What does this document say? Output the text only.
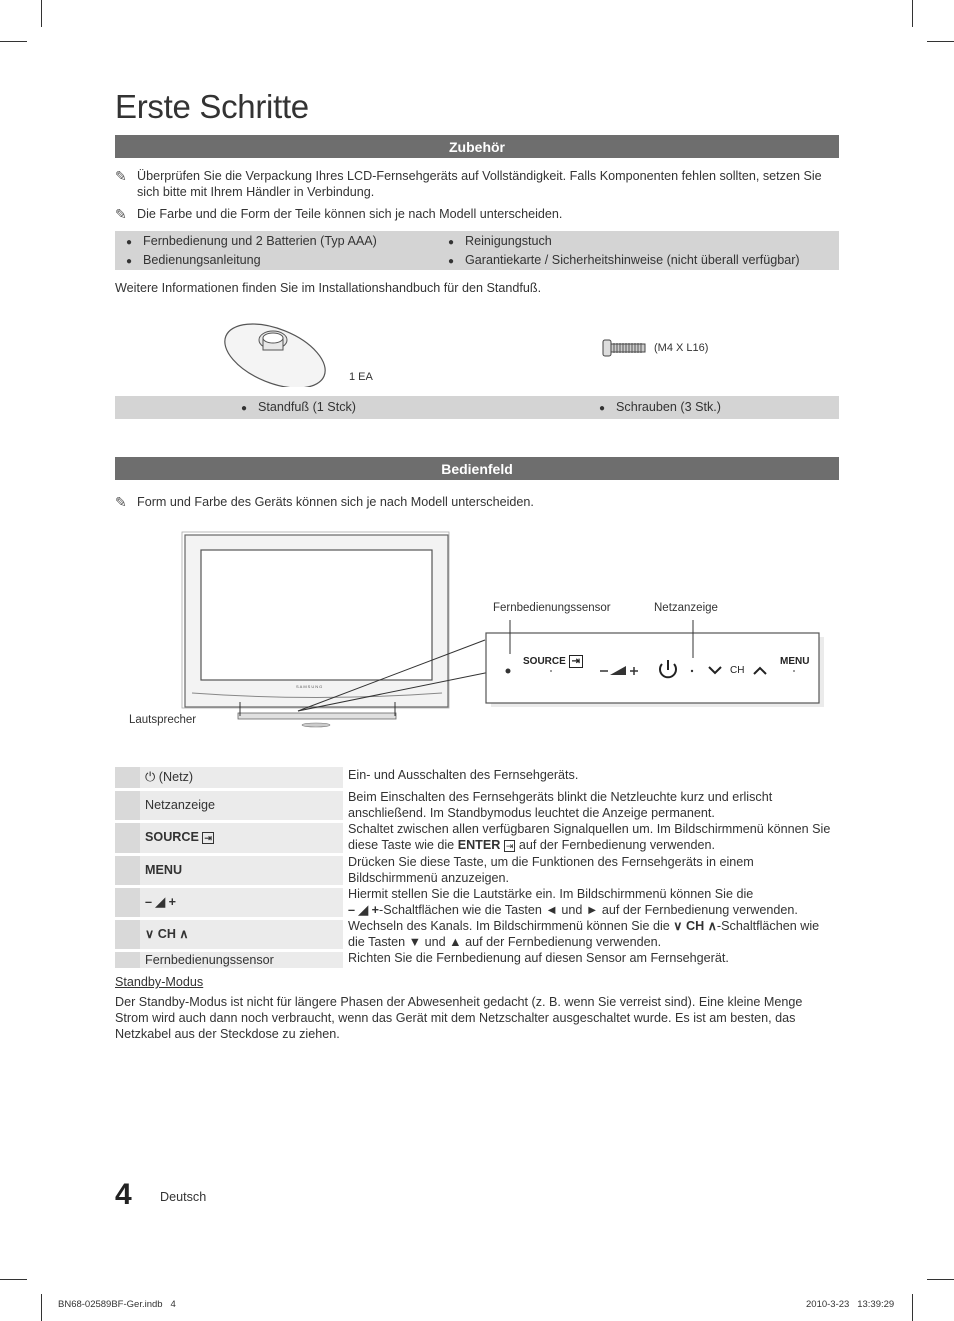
Erste Schritte
Zubehör
✎ Überprüfen Sie die Verpackung Ihres LCD-Fernsehgeräts auf Vollständigkeit. Falls Komponenten fehlen sollten, setzen Sie sich bitte mit Ihrem Händler in Verbindung.
✎ Die Farbe und die Form der Teile können sich je nach Modell unterscheiden.
● Fernbedienung und 2 Batterien (Typ AAA)	● Reinigungstuch
● Bedienungsanleitung	● Garantiekarte / Sicherheitshinweise (nicht überall verfügbar)
Weitere Informationen finden Sie im Installationshandbuch für den Standfuß.
1 EA
(M4 X L16)
● Standfuß (1 Stck)	● Schrauben (3 Stk.)
Bedienfeld
✎ Form und Farbe des Geräts können sich je nach Modell unterscheiden.
SAMSUNG
SOURCE ⇥
CH
MENU
Fernbedienungssensor	Netzanzeige
Lautsprecher
	⏻ (Netz)	Ein- und Ausschalten des Fernsehgeräts.
	Netzanzeige	Beim Einschalten des Fernsehgeräts blinkt die Netzleuchte kurz und erlischt anschließend. Im Standbymodus leuchtet die Anzeige permanent.
	SOURCE ⇥	Schaltet zwischen allen verfügbaren Signalquellen um. Im Bildschirmmenü können Sie diese Taste wie die ENTER ⇥ auf der Fernbedienung verwenden.
	MENU	Drücken Sie diese Taste, um die Funktionen des Fernsehgeräts in einem Bildschirmmenü anzuzeigen.
	– ◢ +	Hiermit stellen Sie die Lautstärke ein. Im Bildschirmmenü können Sie die
– ◢ +-Schaltflächen wie die Tasten ◄ und ► auf der Fernbedienung verwenden.
	∨ CH ∧	Wechseln des Kanals. Im Bildschirmmenü können Sie die ∨ CH ∧-Schaltflächen wie die Tasten ▼ und ▲ auf der Fernbedienung verwenden.
	Fernbedienungssensor	Richten Sie die Fernbedienung auf diesen Sensor am Fernsehgerät.
Standby-Modus
Der Standby-Modus ist nicht für längere Phasen der Abwesenheit gedacht (z. B. wenn Sie verreist sind). Eine kleine Menge Strom wird auch dann noch verbraucht, wenn das Gerät mit dem Netzschalter ausgeschaltet wurde. Es ist am besten, das Netzkabel aus der Steckdose zu ziehen.
4 Deutsch
BN68-02589BF-Ger.indb   4	2010-3-23   13:39:29
